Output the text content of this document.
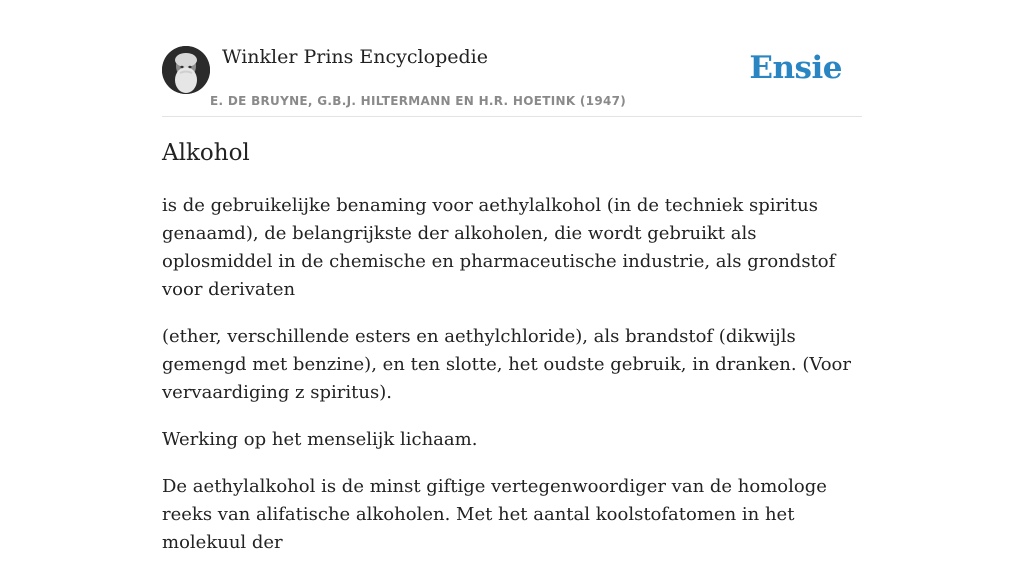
Winkler Prins Encyclopedie
E. DE BRUYNE, G.B.J. HILTERMANN EN H.R. HOETINK (1947)
Ensie
Alkohol

is de gebruikelijke benaming voor aethylalkohol (in de techniek spiritus genaamd), de belangrijkste der alkoholen, die wordt gebruikt als oplosmiddel in de chemische en pharmaceutische industrie, als grondstof voor derivaten

(ether, verschillende esters en aethylchloride), als brandstof (dikwijls gemengd met benzine), en ten slotte, het oudste gebruik, in dranken. (Voor vervaardiging z spiritus).

Werking op het menselijk lichaam.

De aethylalkohol is de minst giftige vertegenwoordiger van de homologe reeks van alifatische alkoholen. Met het aantal koolstofatomen in het molekuul der
